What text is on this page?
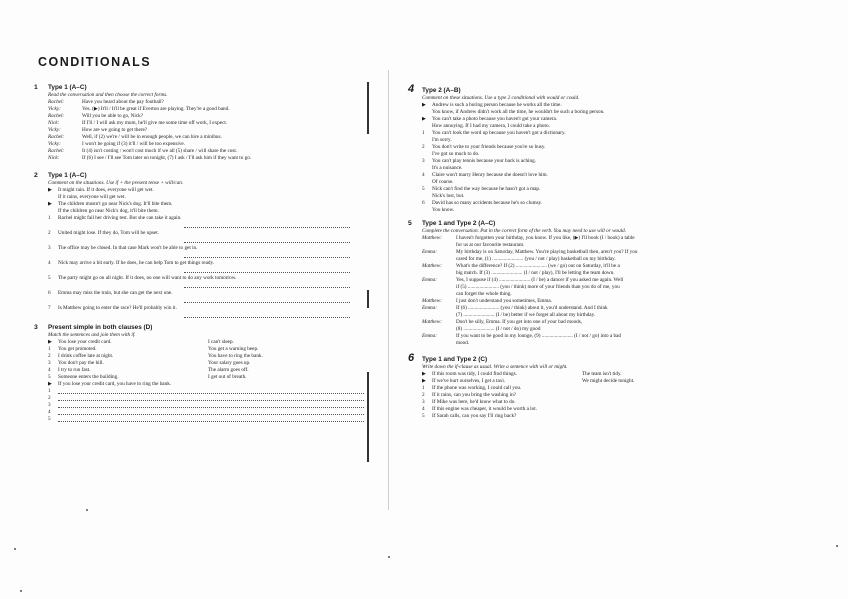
CONDITIONALS
1	Type 1 (A–C)
Read the conversation and then choose the correct forms.
Rachel:	Have you heard about the pay football?
Vicky:	Yes. (▶) It'll / It'll be great if Everton are playing. They're a good band.
Rachel:	Will you be able to go, Nick?
Nick:	If I'll / I will ask my mum, he'll give me some time off work, I expect.
Vicky:	How are we going to get there?
Rachel:	Well, if (2) we're / will be in enough people, we can hire a minibus.
Vicky:	I won't be going if (3) it'll / will be too expensive.
Rachel:	It (4) isn't costing / won't cost much if we all (5) share / will share the cost.
Nick:	If (6) I see / I'll see Tom later on tonight, (7) I ask / I'll ask him if they want to go.
2	Type 1 (A–C)
Comment on the situations. Use if + the present tense + will/can.
▶	It might rain. If it does, everyone will get wet.
If it rains, everyone will get wet.
▶	The children mustn't go near Nick's dog. It'll bite them.
If the children go near Nick's dog, it'll bite them.
1	Rachel might fail her driving test. But she can take it again.
2	United might lose. If they do, Tom will be upset.
3	The office may be closed. In that case Mark won't be able to get in.
4	Nick may arrive a bit early. If he does, he can help Tom to get things ready.
5	The party might go on all night. If it does, no one will want to do any work tomorrow.
6	Emma may miss the train, but she can get the next one.
7	Is Matthew going to enter the race? He'll probably win it.
3	Present simple in both clauses (D)
Match the sentences and join them with if.
▶	You lose your credit card.	I can't sleep.
1	You get promoted.	You get a warning beep.
2	I drink coffee late at night.	You have to ring the bank.
3	You don't pay the bill.	Your salary goes up.
4	I try to run fast.	The alarm goes off.
5	Someone enters the building.	I get out of breath.
▶	If you lose your credit card, you have to ring the bank.
1
2
3
4
5
4 Type 2 (A–B)
Comment on these situations. Use a type 2 conditional with would or could.
▶	Andrew is such a boring person because he works all the time.
You know, if Andrew didn't work all the time, he wouldn't be such a boring person.
▶	You can't take a photo because you haven't got your camera.
How annoying. If I had my camera, I could take a photo.
1	You can't look the word up because you haven't got a dictionary.
I'm sorry.
2	You don't write to your friends because you're so busy.
I've got so much to do.
3	You can't play tennis because your back is aching.
It's a nuisance.
4	Claire won't marry Henry because she doesn't love him.
Of course.
5	Nick can't find the way because he hasn't got a map.
Nick's lost, but.
6	David has so many accidents because he's so clumsy.
You know.
5	Type 1 and Type 2 (A–C)
Complete the conversation. Put in the correct form of the verb. You may need to use will or would.
Matthew:	I haven't forgotten your birthday, you know. If you like, (▶) I'll book (I / book) a table
for us at our favourite restaurant.
Emma:	My birthday is on Saturday, Matthew. You're playing basketball then, aren't you? If you
cared for me, (1) ........................ (you / not / play) basketball on my birthday.
Matthew:	What's the difference? If (2) ........................ (we / go) out on Saturday, it'll be a
big match. If (3) ........................ (I / not / play), I'll be letting the team down.
Emma:	Yes, I suppose if (4) ........................ (I / be) a dancer if you asked me again. Well
if (5) ........................ (you / think) more of your friends than you do of me, you
can forget the whole thing.
Matthew:	I just don't understand you sometimes, Emma.
Emma:	If (6) ........................ (you / think) about it, you'd understand. And I think
(7) ........................ (I / be) better if we forget all about my birthday.
Matthew:	Don't be silly, Emma. If you get into one of your bad moods,
(8) ........................ (I / not / do) my good
Emma:	If you want to be good in my lounge, (9) ........................ (I / not / go) into a bad
mood.
6 Type 1 and Type 2 (C)
Write down the if-clause as usual. Write a sentence with will or might.
▶	If this room was tidy, I could find things.	The team isn't tidy.
▶	If we've hurt ourselves, I get a taxi.	We might decide tonight.
1	If the phone was working, I could call you.
2	If it rains, can you bring the washing in?
3	If Mike was here, he'd know what to do.
4	If this engine was cheaper, it would be worth a lot.
5	If Sarah calls, can you say I'll ring back?
